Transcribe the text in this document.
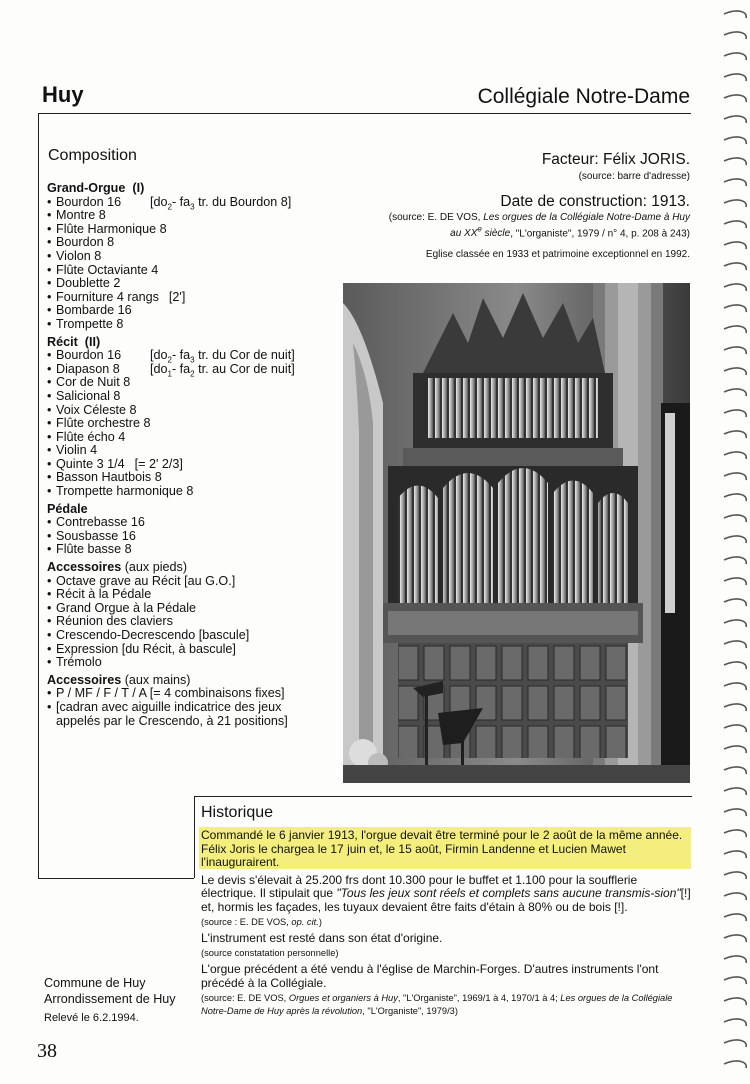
Huy	Collégiale Notre-Dame
Composition
Grand-Orgue (I)
• Bourdon 16 [$do_2-$ $fa_3$ tr. du Bourdon 8]
• Montre 8
• Flûte Harmonique 8
• Bourdon 8
• Violon 8
• Flûte Octaviante 4
• Doublette 2
• Fourniture 4 rangs [2']
• Bombarde 16
• Trompette 8
Récit (II)
• Bourdon 16 [$do_2-$ $fa_3$ tr. du Cor de nuit]
• Diapason 8 [$do_1-$ $fa_2$ tr. au Cor de nuit]
• Cor de Nuit 8
• Salicional 8
• Voix Céleste 8
• Flûte orchestre 8
• Flûte écho 4
• Violin 4
• Quinte 3 1/4 [= 2' 2/3]
• Basson Hautbois 8
• Trompette harmonique 8
Pédale
• Contrebasse 16
• Sousbasse 16
• Flûte basse 8
Accessoires (aux pieds)
• Octave grave au Récit [au G.O.]
• Récit à la Pédale
• Grand Orgue à la Pédale
• Réunion des claviers
• Crescendo-Decrescendo [bascule]
• Expression [du Récit, à bascule]
• Trémolo
Accessoires (aux mains)
• P / MF / F / T / A [= 4 combinaisons fixes]
• [cadran avec aiguille indicatrice des jeux
appelés par le Crescendo, à 21 positions]
Facteur: Félix JORIS.
(source: barre d'adresse)
Date de construction: 1913.
(source: E. DE VOS, Les orgues de la Collégiale Notre-Dame à Huy
au XXe siècle, "L'organiste", 1979 / n° 4, p. 208 à 243)
Eglise classée en 1933 et patrimoine exceptionnel en 1992.
Historique

Commandé le 6 janvier 1913, l'orgue devait être terminé pour le 2 août de la même année. Félix Joris le chargea le 17 juin et, le 15 août, Firmin Landenne et Lucien Mawet l'inaugurairent.

Le devis s'élevait à 25.200 frs dont 10.300 pour le buffet et 1.100 pour la soufflerie électrique. Il stipulait que "Tous les jeux sont réels et complets sans aucune transmis-sion"[!] et, hormis les façades, les tuyaux devaient être faits d'étain à 80% ou de bois [!].
(source : E. DE VOS, op. cit.)

L'instrument est resté dans son état d'origine.
(source constatation personnelle)

L'orgue précédent a été vendu à l'église de Marchin-Forges. D'autres instruments l'ont précédé à la Collégiale.
(source: E. DE VOS, Orgues et organiers à Huy, "L'Organiste", 1969/1 à 4, 1970/1 à 4; Les orgues de la Collégiale Notre-Dame de Huy après la révolution, "L'Organiste", 1979/3)

Commune de Huy
Arrondissement de Huy
Relevé le 6.2.1994.
38
